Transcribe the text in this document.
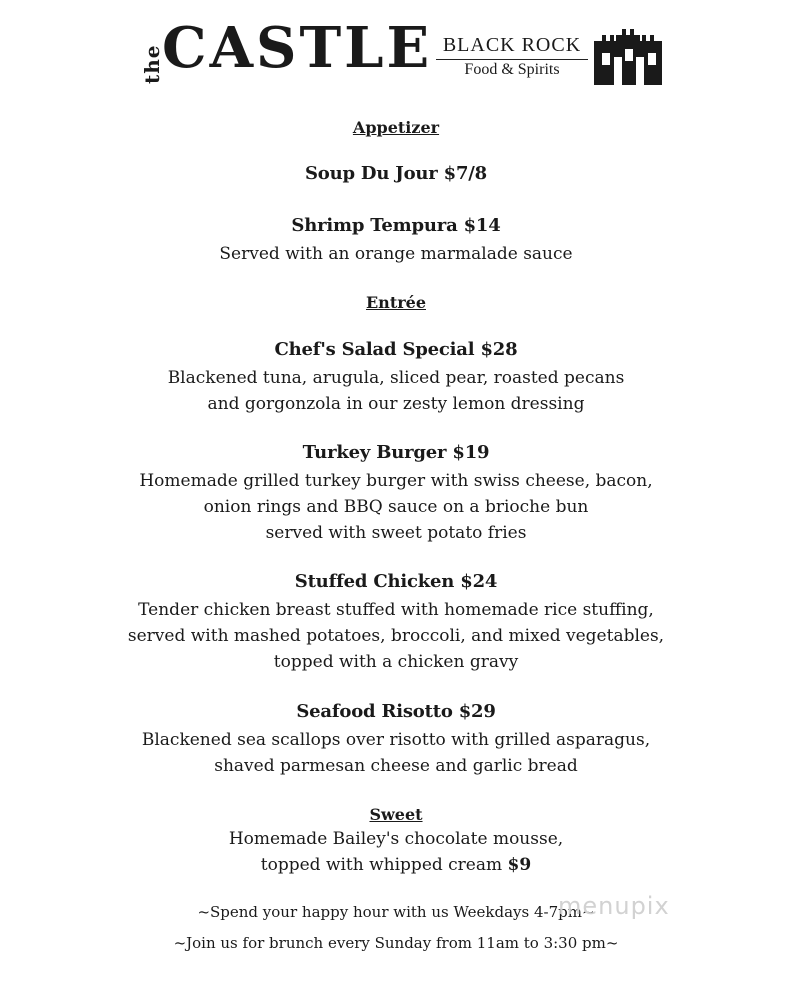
the
CASTLE BLACK ROCK
Food & Spirits
Appetizer
Soup Du Jour $7/8
Shrimp Tempura $14
Served with an orange marmalade sauce
Entrée
Chef's Salad Special $28
Blackened tuna, arugula, sliced pear, roasted pecans
and gorgonzola in our zesty lemon dressing
Turkey Burger $19
Homemade grilled turkey burger with swiss cheese, bacon,
onion rings and BBQ sauce on a brioche bun
served with sweet potato fries
Stuffed Chicken $24
Tender chicken breast stuffed with homemade rice stuffing,
served with mashed potatoes, broccoli, and mixed vegetables,
topped with a chicken gravy
Seafood Risotto $29
Blackened sea scallops over risotto with grilled asparagus,
shaved parmesan cheese and garlic bread
Sweet
Homemade Bailey's chocolate mousse,
topped with whipped cream $9
~Spend your happy hour with us Weekdays 4-7pm~
~Join us for brunch every Sunday from 11am to 3:30 pm~
menupix
